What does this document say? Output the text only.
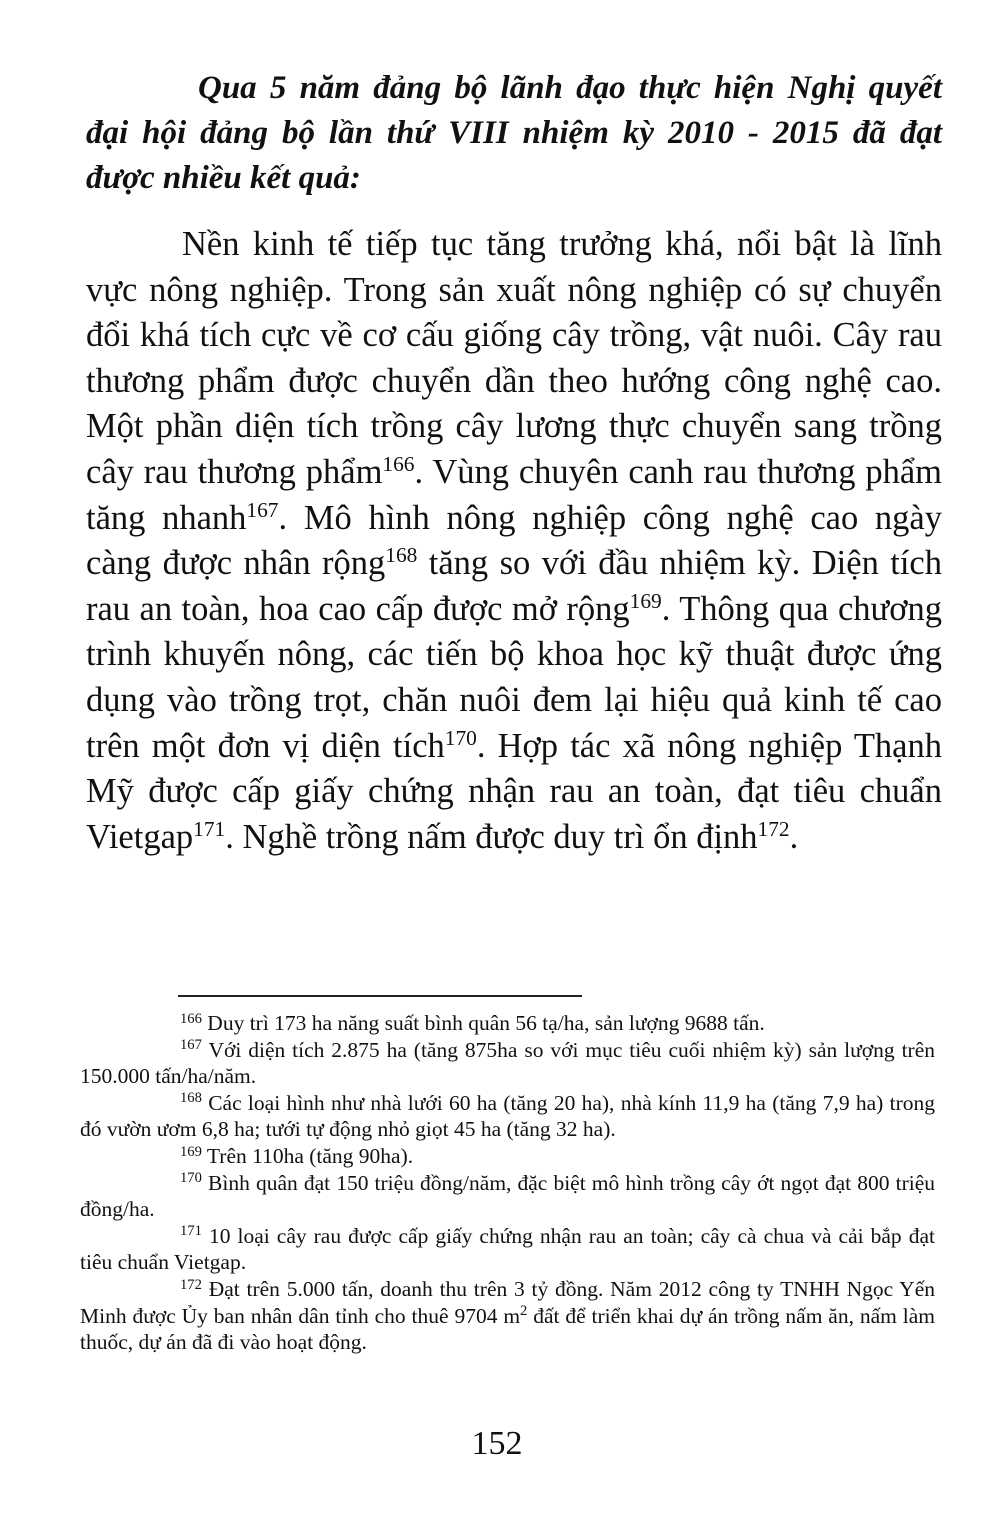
Qua 5 năm đảng bộ lãnh đạo thực hiện Nghị quyết đại hội đảng bộ lần thứ VIII nhiệm kỳ 2010 - 2015 đã đạt được nhiều kết quả:

Nền kinh tế tiếp tục tăng trưởng khá, nổi bật là lĩnh vực nông nghiệp. Trong sản xuất nông nghiệp có sự chuyển đổi khá tích cực về cơ cấu giống cây trồng, vật nuôi. Cây rau thương phẩm được chuyển dần theo hướng công nghệ cao. Một phần diện tích trồng cây lương thực chuyển sang trồng cây rau thương phẩm$^{166}$. Vùng chuyên canh rau thương phẩm tăng nhanh$^{167}$. Mô hình nông nghiệp công nghệ cao ngày càng được nhân rộng$^{168}$ tăng so với đầu nhiệm kỳ. Diện tích rau an toàn, hoa cao cấp được mở rộng$^{169}$. Thông qua chương trình khuyến nông, các tiến bộ khoa học kỹ thuật được ứng dụng vào trồng trọt, chăn nuôi đem lại hiệu quả kinh tế cao trên một đơn vị diện tích$^{170}$. Hợp tác xã nông nghiệp Thạnh Mỹ được cấp giấy chứng nhận rau an toàn, đạt tiêu chuẩn Vietgap$^{171}$. Nghề trồng nấm được duy trì ổn định$^{172}$.

$^{166}$ Duy trì 173 ha năng suất bình quân 56 tạ/ha, sản lượng 9688 tấn.

$^{167}$ Với diện tích 2.875 ha (tăng 875ha so với mục tiêu cuối nhiệm kỳ) sản lượng trên 150.000 tấn/ha/năm.

$^{168}$ Các loại hình như nhà lưới 60 ha (tăng 20 ha), nhà kính 11,9 ha (tăng 7,9 ha) trong đó vườn ươm 6,8 ha; tưới tự động nhỏ giọt 45 ha (tăng 32 ha).

$^{169}$ Trên 110ha (tăng 90ha).

$^{170}$ Bình quân đạt 150 triệu đồng/năm, đặc biệt mô hình trồng cây ớt ngọt đạt 800 triệu đồng/ha.

$^{171}$ 10 loại cây rau được cấp giấy chứng nhận rau an toàn; cây cà chua và cải bắp đạt tiêu chuẩn Vietgap.

$^{172}$ Đạt trên 5.000 tấn, doanh thu trên 3 tỷ đồng. Năm 2012 công ty TNHH Ngọc Yến Minh được Ủy ban nhân dân tỉnh cho thuê 9704 $m^2$ đất để triển khai dự án trồng nấm ăn, nấm làm thuốc, dự án đã đi vào hoạt động.

152
